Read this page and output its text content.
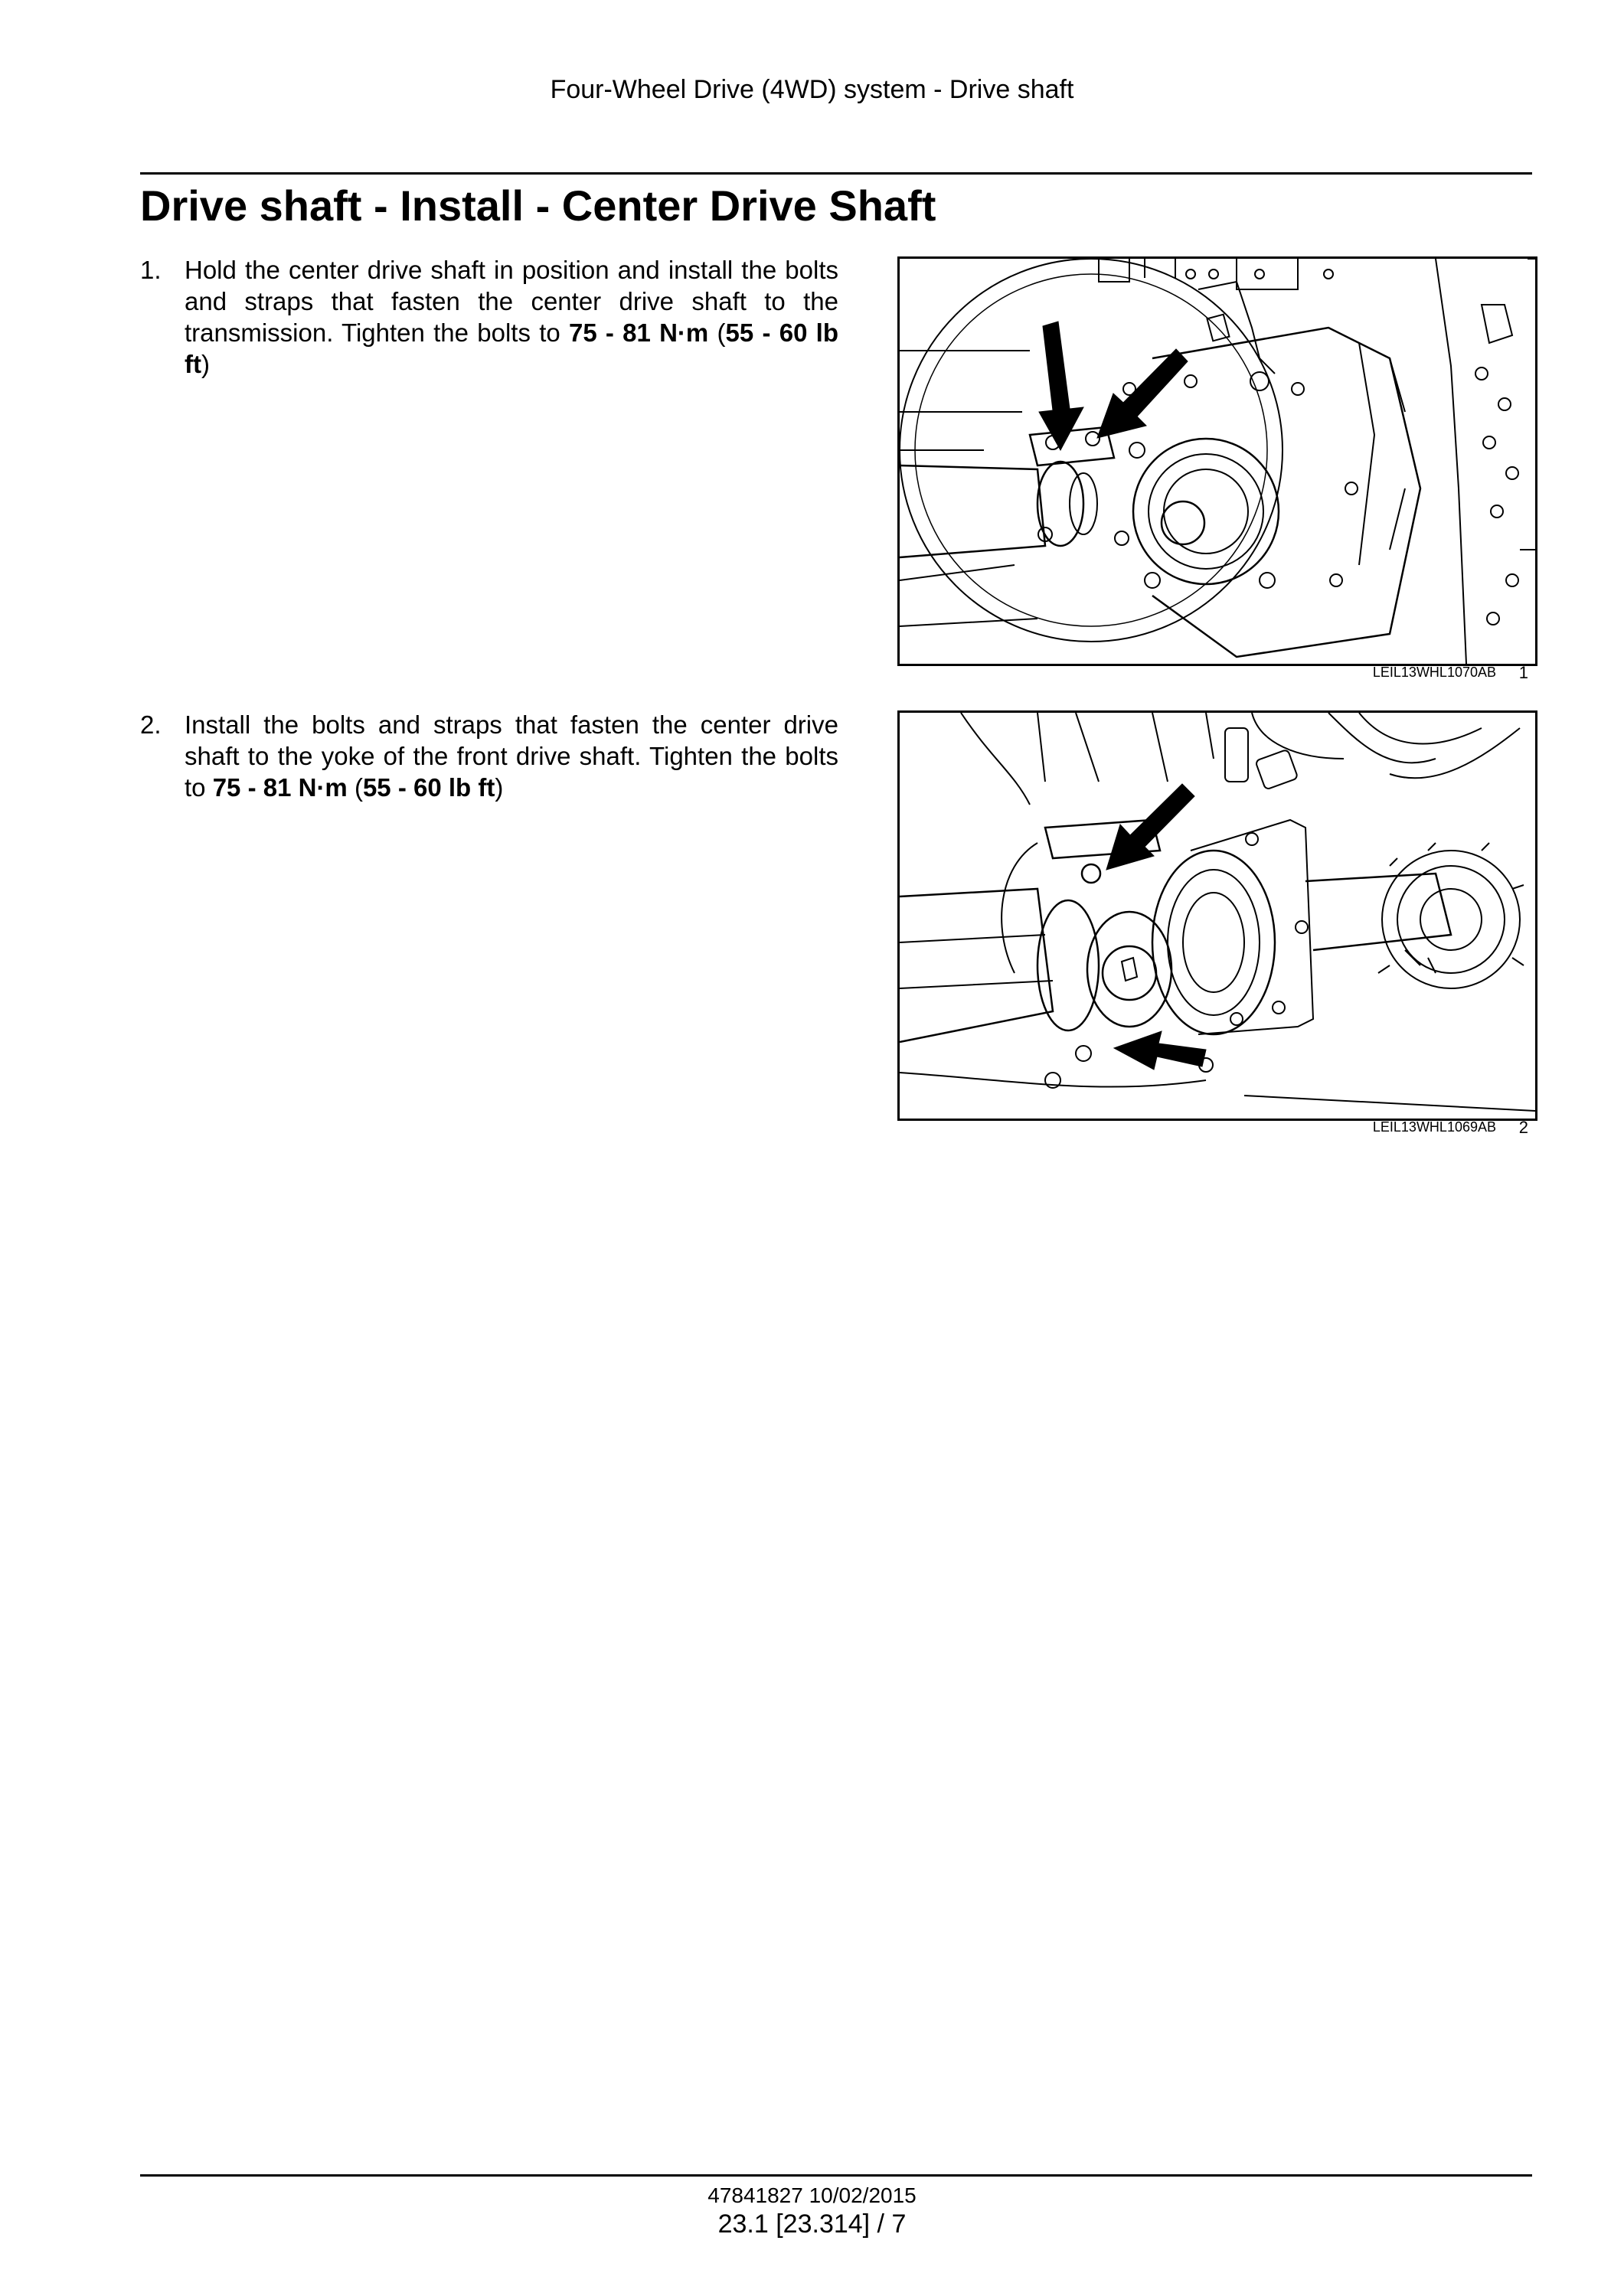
Four-Wheel Drive (4WD) system - Drive shaft
Drive shaft - Install - Center Drive Shaft
1. Hold the center drive shaft in position and install the bolts and straps that fasten the center drive shaft to the transmission. Tighten the bolts to 75 - 81 N·m (55 - 60 lb ft)
LEIL13WHL1070AB 1
2. Install the bolts and straps that fasten the center drive shaft to the yoke of the front drive shaft. Tighten the bolts to 75 - 81 N·m (55 - 60 lb ft)
LEIL13WHL1069AB 2
47841827 10/02/2015
23.1 [23.314] / 7
